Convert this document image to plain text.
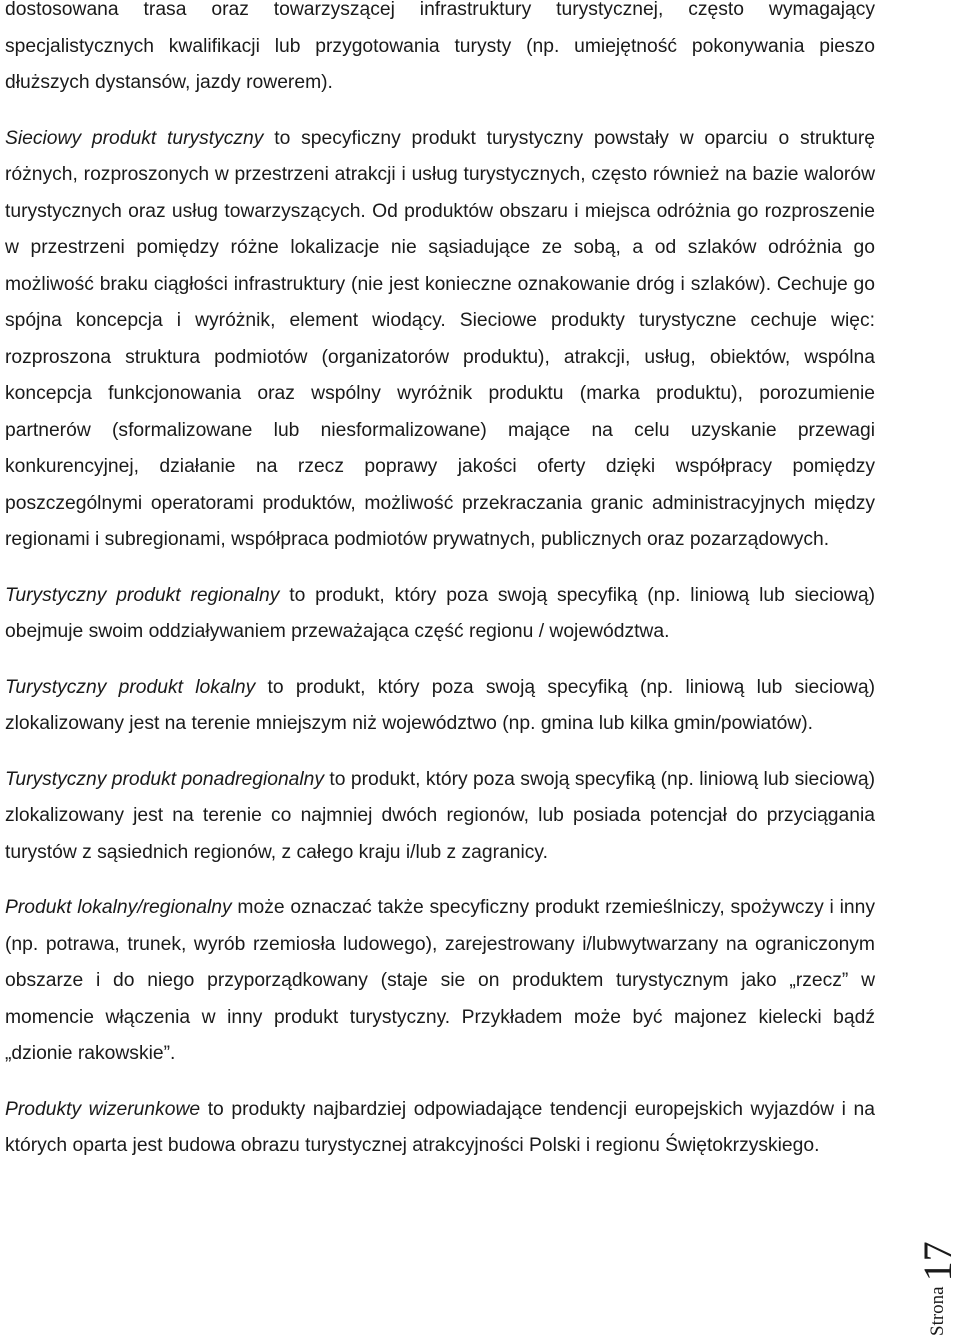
dostosowana trasa oraz towarzyszącej infrastruktury turystycznej, często wymagający specjalistycznych kwalifikacji lub przygotowania turysty (np. umiejętność pokonywania pieszo dłuższych dystansów, jazdy rowerem).

Sieciowy produkt turystyczny to specyficzny produkt turystyczny powstały w oparciu o strukturę różnych, rozproszonych w przestrzeni atrakcji i usług turystycznych, często również na bazie walorów turystycznych oraz usług towarzyszących. Od produktów obszaru i miejsca odróżnia go rozproszenie w przestrzeni pomiędzy różne lokalizacje nie sąsiadujące ze sobą, a od szlaków odróżnia go możliwość braku ciągłości infrastruktury (nie jest konieczne oznakowanie dróg i szlaków). Cechuje go spójna koncepcja i wyróżnik, element wiodący. Sieciowe produkty turystyczne cechuje więc: rozproszona struktura podmiotów (organizatorów produktu), atrakcji, usług, obiektów, wspólna koncepcja funkcjonowania oraz wspólny wyróżnik produktu (marka produktu), porozumienie partnerów (sformalizowane lub niesformalizowane) mające na celu uzyskanie przewagi konkurencyjnej, działanie na rzecz poprawy jakości oferty dzięki współpracy pomiędzy poszczególnymi operatorami produktów, możliwość przekraczania granic administracyjnych między regionami i subregionami, współpraca podmiotów prywatnych, publicznych oraz pozarządowych.

Turystyczny produkt regionalny to produkt, który poza swoją specyfiką (np. liniową lub sieciową) obejmuje swoim oddziaływaniem przeważająca część regionu / województwa.

Turystyczny produkt lokalny to produkt, który poza swoją specyfiką (np. liniową lub sieciową) zlokalizowany jest na terenie mniejszym niż województwo (np. gmina lub kilka gmin/powiatów).

Turystyczny produkt ponadregionalny to produkt, który poza swoją specyfiką (np. liniową lub sieciową) zlokalizowany jest na terenie co najmniej dwóch regionów, lub posiada potencjał do przyciągania turystów z sąsiednich regionów, z całego kraju i/lub z zagranicy.

Produkt lokalny/regionalny może oznaczać także specyficzny produkt rzemieślniczy, spożywczy i inny (np. potrawa, trunek, wyrób rzemiosła ludowego), zarejestrowany i/lubwytwarzany na ograniczonym obszarze i do niego przyporządkowany (staje sie on produktem turystycznym jako „rzecz” w momencie włączenia w inny produkt turystyczny. Przykładem może być majonez kielecki bądź „dzionie rakowskie”.

Produkty wizerunkowe to produkty najbardziej odpowiadające tendencji europejskich wyjazdów i na których oparta jest budowa obrazu turystycznej atrakcyjności Polski i regionu Świętokrzyskiego.

Strona
17
